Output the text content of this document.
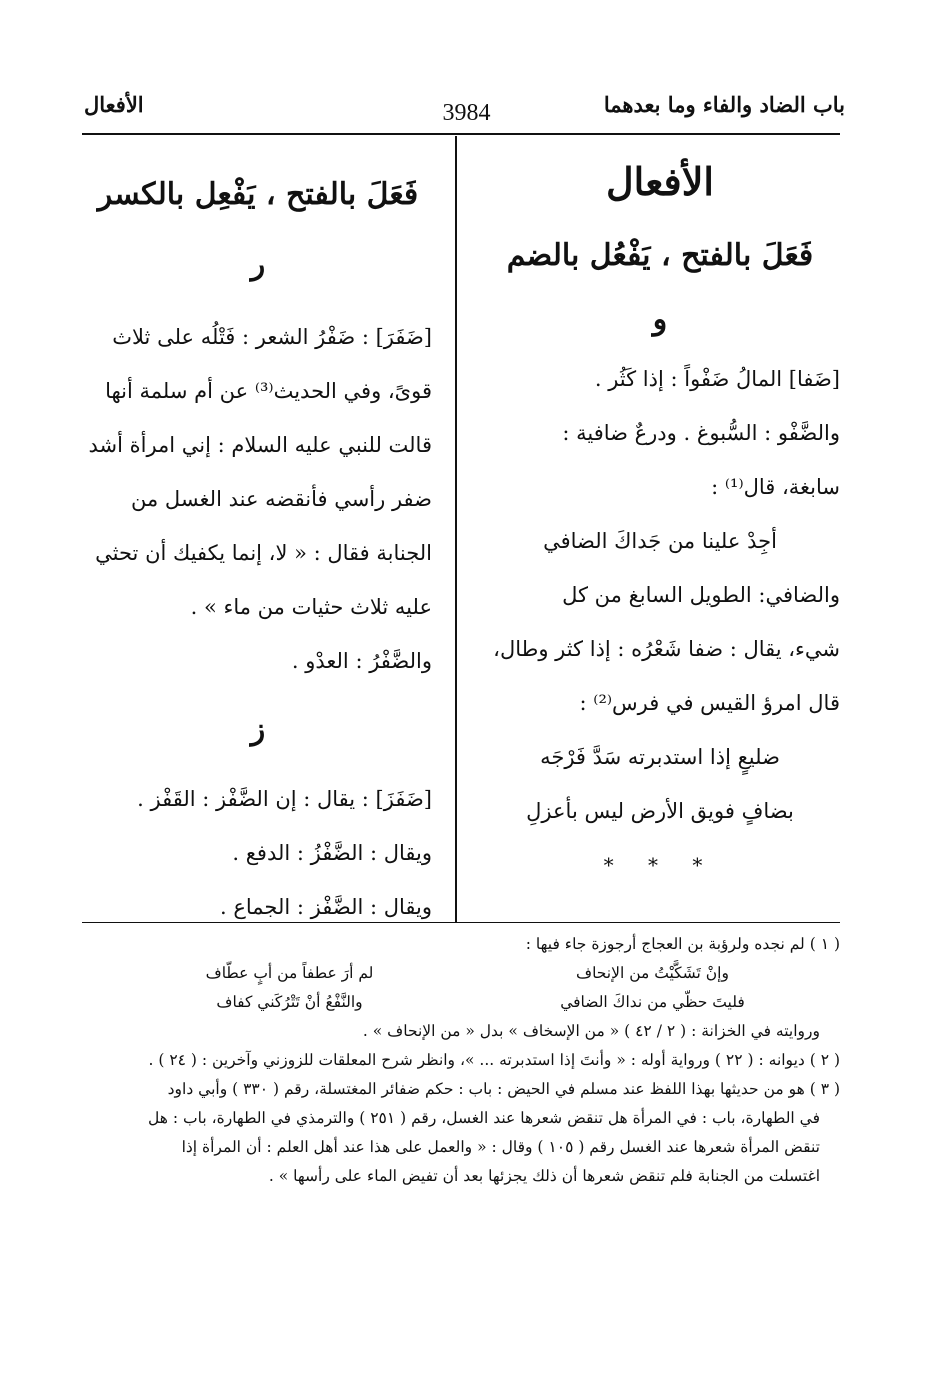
باب الضاد والفاء وما بعدهما
3984
الأفعال
الأفعال
فَعَلَ بالفتح ، يَفْعُل بالضم
و
[ضَفا] المالُ ضَفْواً : إذا كَثُر .
والضَّفْو : السُّبوغ . ودرعٌ ضافية :
سابغة، قال⁽¹⁾ :
أجِدْ علينا من جَداكَ الضافي
والضافي: الطويل السابغ من كل
شيء، يقال : ضفا شَعْرُه : إذا كثر وطال،
قال امرؤ القيس في فرس⁽²⁾ :
ضليعٍ إذا استدبرته سَدَّ فَرْجَه
بضافٍ فويق الأرض ليس بأعزلِ
* * *
فَعَلَ بالفتح ، يَفْعِل بالكسر
ر
[ضَفَرَ] : ضَفْرُ الشعر : فَتْلُه على ثلاث
قوىً، وفي الحديث⁽³⁾ عن أم سلمة أنها
قالت للنبي عليه السلام : إني امرأة أشد
ضفر رأسي فأنقضه عند الغسل من
الجنابة فقال : « لا، إنما يكفيك أن تحثي
عليه ثلاث حثيات من ماء » .
والضَّفْرُ : العدْو .
ز
[ضَفَزَ] : يقال : إن الضَّفْز : القَفْز .
ويقال : الضَّفْزُ : الدفع .
ويقال : الضَّفْز : الجماع .
( ١ ) لم نجده ولرؤبة بن العجاج أرجوزة جاء فيها :
وإنْ تَشَكَّيْتُ من الإنحاف
لم أرَ عطفاً من أبٍ عطّاف
فليتَ حظّي من نداكَ الضافي
والنَّفْعُ أنْ تَتْرُكَني كفاف
وروايته في الخزانة : ( ٢ / ٤٢ ) « من الإسخاف » بدل « من الإنحاف » .
( ٢ ) ديوانه : ( ٢٢ ) ورواية أوله : « وأنتَ إذا استدبرته ... »، وانظر شرح المعلقات للزوزني وآخرين : ( ٢٤ ) .
( ٣ ) هو من حديثها بهذا اللفظ عند مسلم في الحيض : باب : حكم ضفائر المغتسلة، رقم ( ٣٣٠ ) وأبي داود
في الطهارة، باب : في المرأة هل تنقض شعرها عند الغسل، رقم ( ٢٥١ ) والترمذي في الطهارة، باب : هل
تنقض المرأة شعرها عند الغسل رقم ( ١٠٥ ) وقال : « والعمل على هذا عند أهل العلم : أن المرأة إذا
اغتسلت من الجنابة فلم تنقض شعرها أن ذلك يجزئها بعد أن تفيض الماء على رأسها » .
